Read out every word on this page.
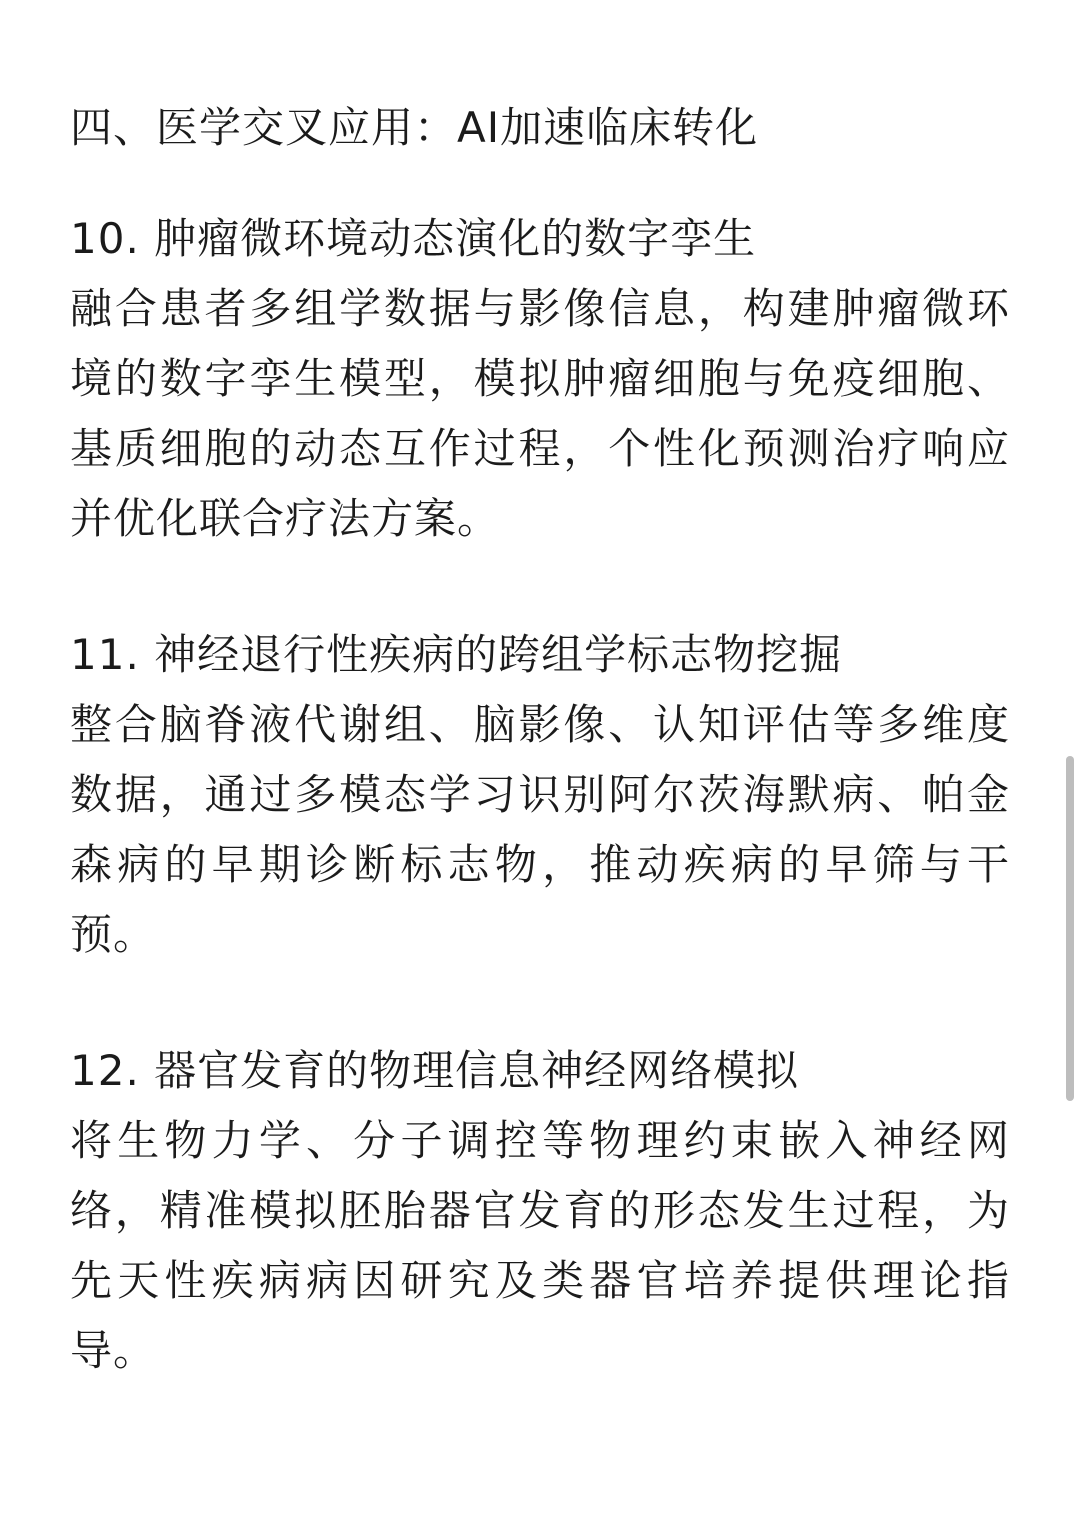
四、医学交叉应用：AI加速临床转化
10. 肿瘤微环境动态演化的数字孪生

融合患者多组学数据与影像信息，构建肿瘤微环境的数字孪生模型，模拟肿瘤细胞与免疫细胞、基质细胞的动态互作过程，个性化预测治疗响应并优化联合疗法方案。

11. 神经退行性疾病的跨组学标志物挖掘

整合脑脊液代谢组、脑影像、认知评估等多维度数据，通过多模态学习识别阿尔茨海默病、帕金森病的早期诊断标志物，推动疾病的早筛与干预。

12. 器官发育的物理信息神经网络模拟

将生物力学、分子调控等物理约束嵌入神经网络，精准模拟胚胎器官发育的形态发生过程，为先天性疾病病因研究及类器官培养提供理论指导。
